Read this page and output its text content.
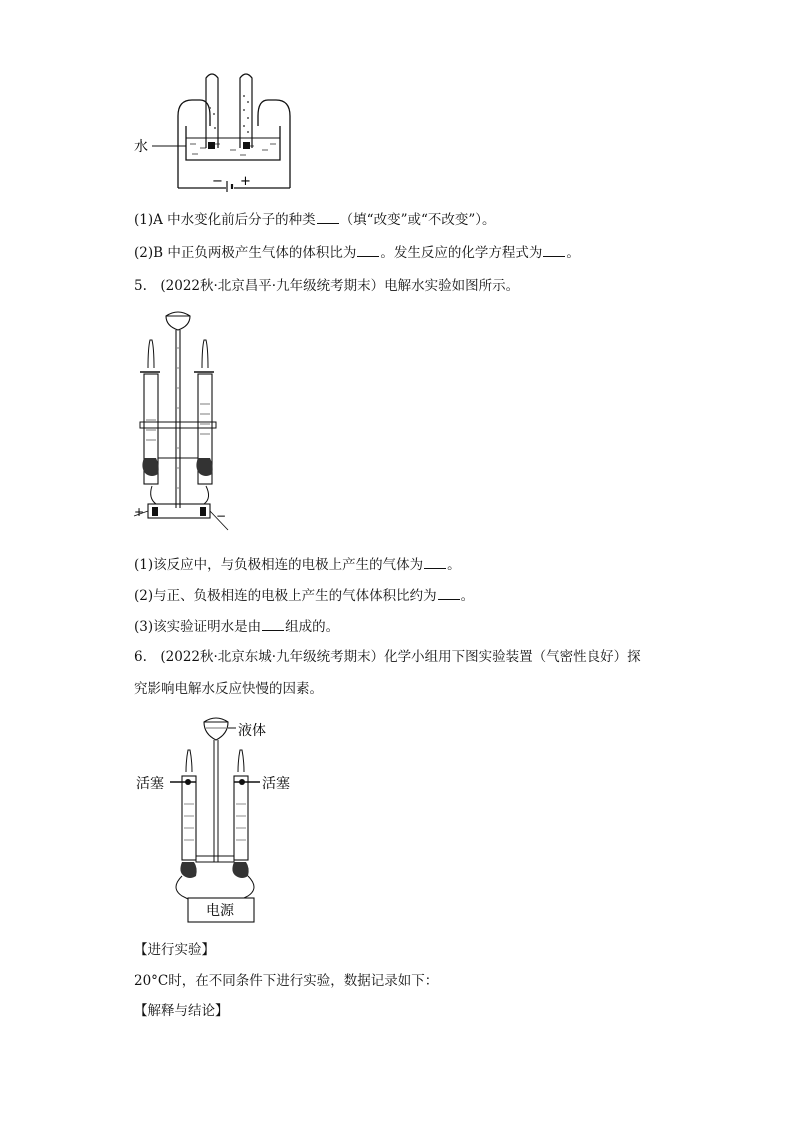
水
− +
(1)A 中水变化前后分子的种类 （填“改变”或“不改变”）。
(2)B 中正负两极产生气体的体积比为 。发生反应的化学方程式为 。
5.　(2022秋·北京昌平·九年级统考期末）电解水实验如图所示。
+	−
(1)该反应中，与负极相连的电极上产生的气体为 。
(2)与正、负极相连的电极上产生的气体体积比约为 。
(3)该实验证明水是由 组成的。
6.　(2022秋·北京东城·九年级统考期末）化学小组用下图实验装置（气密性良好）探
究影响电解水反应快慢的因素。
液体
活塞	活塞
电源
【进行实验】
20°C时，在不同条件下进行实验，数据记录如下：
【解释与结论】
